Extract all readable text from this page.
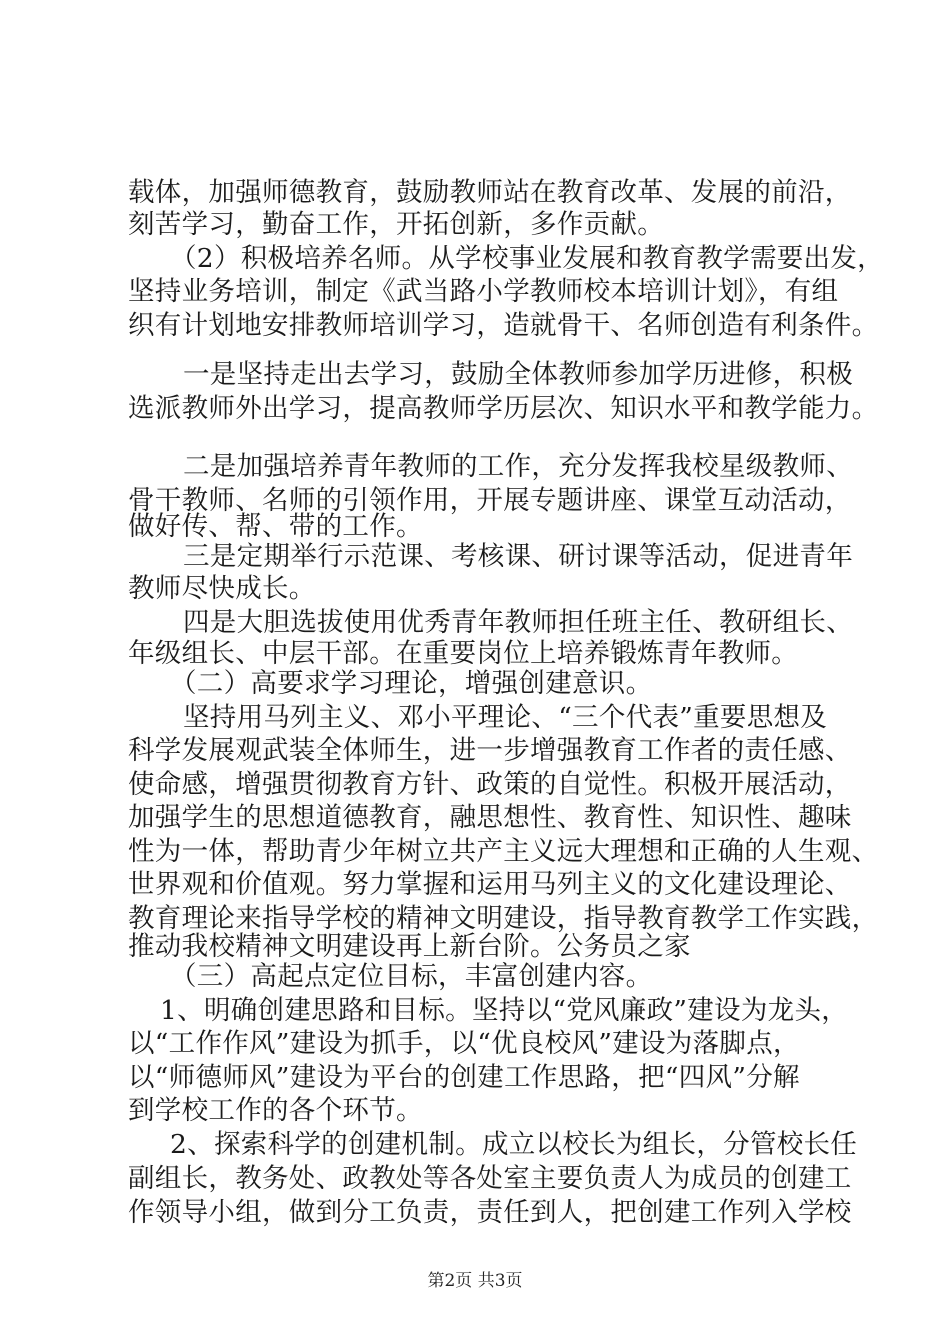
载体，加强师德教育，鼓励教师站在教育改革、发展的前沿，
刻苦学习，勤奋工作，开拓创新，多作贡献。
（2）积极培养名师。从学校事业发展和教育教学需要出发，
坚持业务培训，制定《武当路小学教师校本培训计划》，有组
织有计划地安排教师培训学习，造就骨干、名师创造有利条件。
一是坚持走出去学习，鼓励全体教师参加学历进修，积极
选派教师外出学习，提高教师学历层次、知识水平和教学能力。
二是加强培养青年教师的工作，充分发挥我校星级教师、
骨干教师、名师的引领作用，开展专题讲座、课堂互动活动，
做好传、帮、带的工作。
三是定期举行示范课、考核课、研讨课等活动，促进青年
教师尽快成长。
四是大胆选拔使用优秀青年教师担任班主任、教研组长、
年级组长、中层干部。在重要岗位上培养锻炼青年教师。
（二）高要求学习理论，增强创建意识。
坚持用马列主义、邓小平理论、“三个代表”重要思想及
科学发展观武装全体师生，进一步增强教育工作者的责任感、
使命感，增强贯彻教育方针、政策的自觉性。积极开展活动，
加强学生的思想道德教育，融思想性、教育性、知识性、趣味
性为一体，帮助青少年树立共产主义远大理想和正确的人生观、
世界观和价值观。努力掌握和运用马列主义的文化建设理论、
教育理论来指导学校的精神文明建设，指导教育教学工作实践，
推动我校精神文明建设再上新台阶。公务员之家
（三）高起点定位目标，丰富创建内容。
1、明确创建思路和目标。坚持以“党风廉政”建设为龙头，
以“工作作风”建设为抓手，以“优良校风”建设为落脚点，
以“师德师风”建设为平台的创建工作思路，把“四风”分解
到学校工作的各个环节。
2、探索科学的创建机制。成立以校长为组长，分管校长任
副组长，教务处、政教处等各处室主要负责人为成员的创建工
作领导小组，做到分工负责，责任到人，把创建工作列入学校
第2页 共3页
